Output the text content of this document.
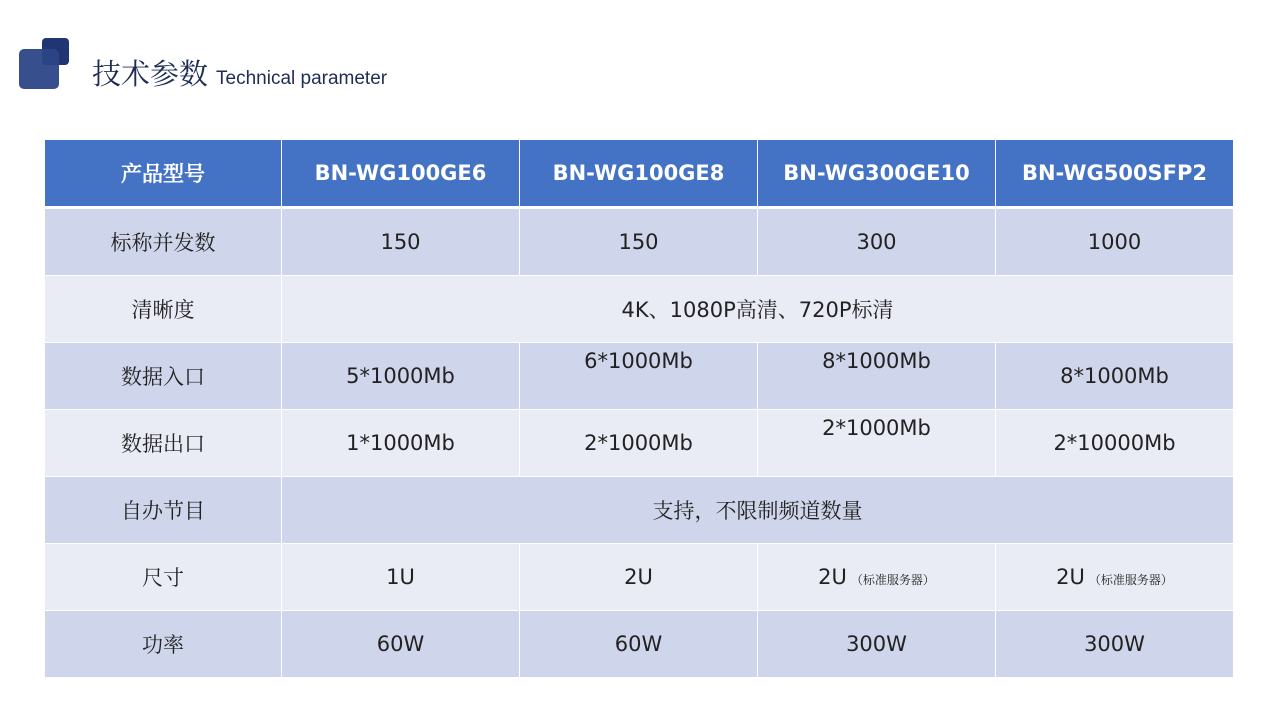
技术参数 Technical parameter
产品型号	BN-WG100GE6	BN-WG100GE8	BN-WG300GE10	BN-WG500SFP2
标称并发数	150	150	300	1000
清晰度	4K、1080P高清、720P标清			
数据入口	5*1000Mb	6*1000Mb	8*1000Mb	8*1000Mb
数据出口	1*1000Mb	2*1000Mb	2*1000Mb	2*10000Mb
自办节目	支持，不限制频道数量			
尺寸	1U	2U	2U （标准服务器）	2U （标准服务器）
功率	60W	60W	300W	300W
